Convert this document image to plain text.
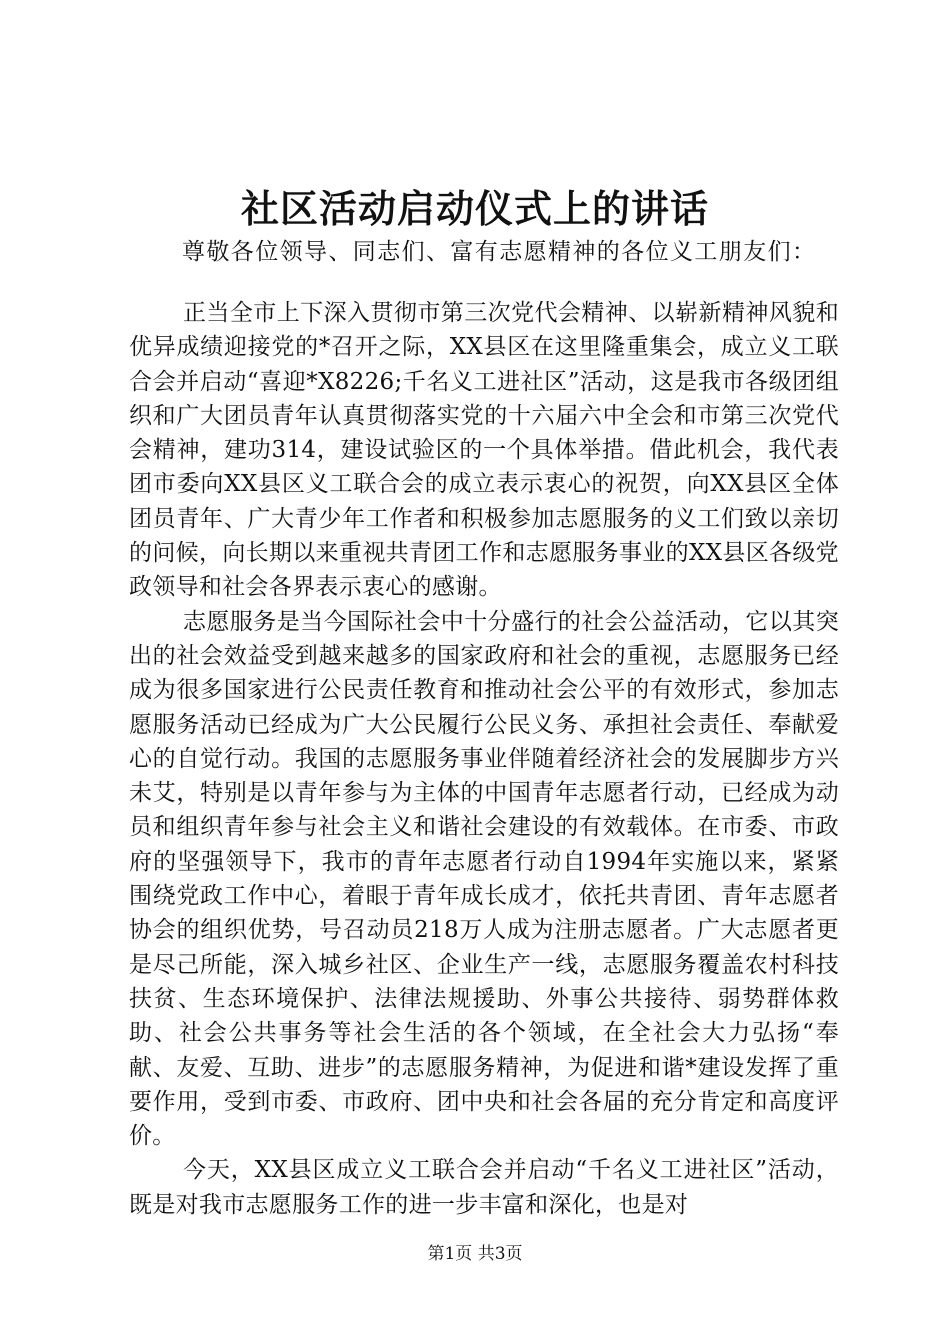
社区活动启动仪式上的讲话

尊敬各位领导、同志们、富有志愿精神的各位义工朋友们：

正当全市上下深入贯彻市第三次党代会精神、以崭新精神风貌和优异成绩迎接党的*召开之际，XX县区在这里隆重集会，成立义工联合会并启动“喜迎*X8226;千名义工进社区”活动，这是我市各级团组织和广大团员青年认真贯彻落实党的十六届六中全会和市第三次党代会精神，建功314，建设试验区的一个具体举措。借此机会，我代表团市委向XX县区义工联合会的成立表示衷心的祝贺，向XX县区全体团员青年、广大青少年工作者和积极参加志愿服务的义工们致以亲切的问候，向长期以来重视共青团工作和志愿服务事业的XX县区各级党政领导和社会各界表示衷心的感谢。

志愿服务是当今国际社会中十分盛行的社会公益活动，它以其突出的社会效益受到越来越多的国家政府和社会的重视，志愿服务已经成为很多国家进行公民责任教育和推动社会公平的有效形式，参加志愿服务活动已经成为广大公民履行公民义务、承担社会责任、奉献爱心的自觉行动。我国的志愿服务事业伴随着经济社会的发展脚步方兴未艾，特别是以青年参与为主体的中国青年志愿者行动，已经成为动员和组织青年参与社会主义和谐社会建设的有效载体。在市委、市政府的坚强领导下，我市的青年志愿者行动自1994年实施以来，紧紧围绕党政工作中心，着眼于青年成长成才，依托共青团、青年志愿者协会的组织优势，号召动员218万人成为注册志愿者。广大志愿者更是尽己所能，深入城乡社区、企业生产一线，志愿服务覆盖农村科技扶贫、生态环境保护、法律法规援助、外事公共接待、弱势群体救助、社会公共事务等社会生活的各个领域，在全社会大力弘扬“奉献、友爱、互助、进步”的志愿服务精神，为促进和谐*建设发挥了重要作用，受到市委、市政府、团中央和社会各届的充分肯定和高度评价。

今天，XX县区成立义工联合会并启动“千名义工进社区”活动，既是对我市志愿服务工作的进一步丰富和深化，也是对

第1页 共3页
